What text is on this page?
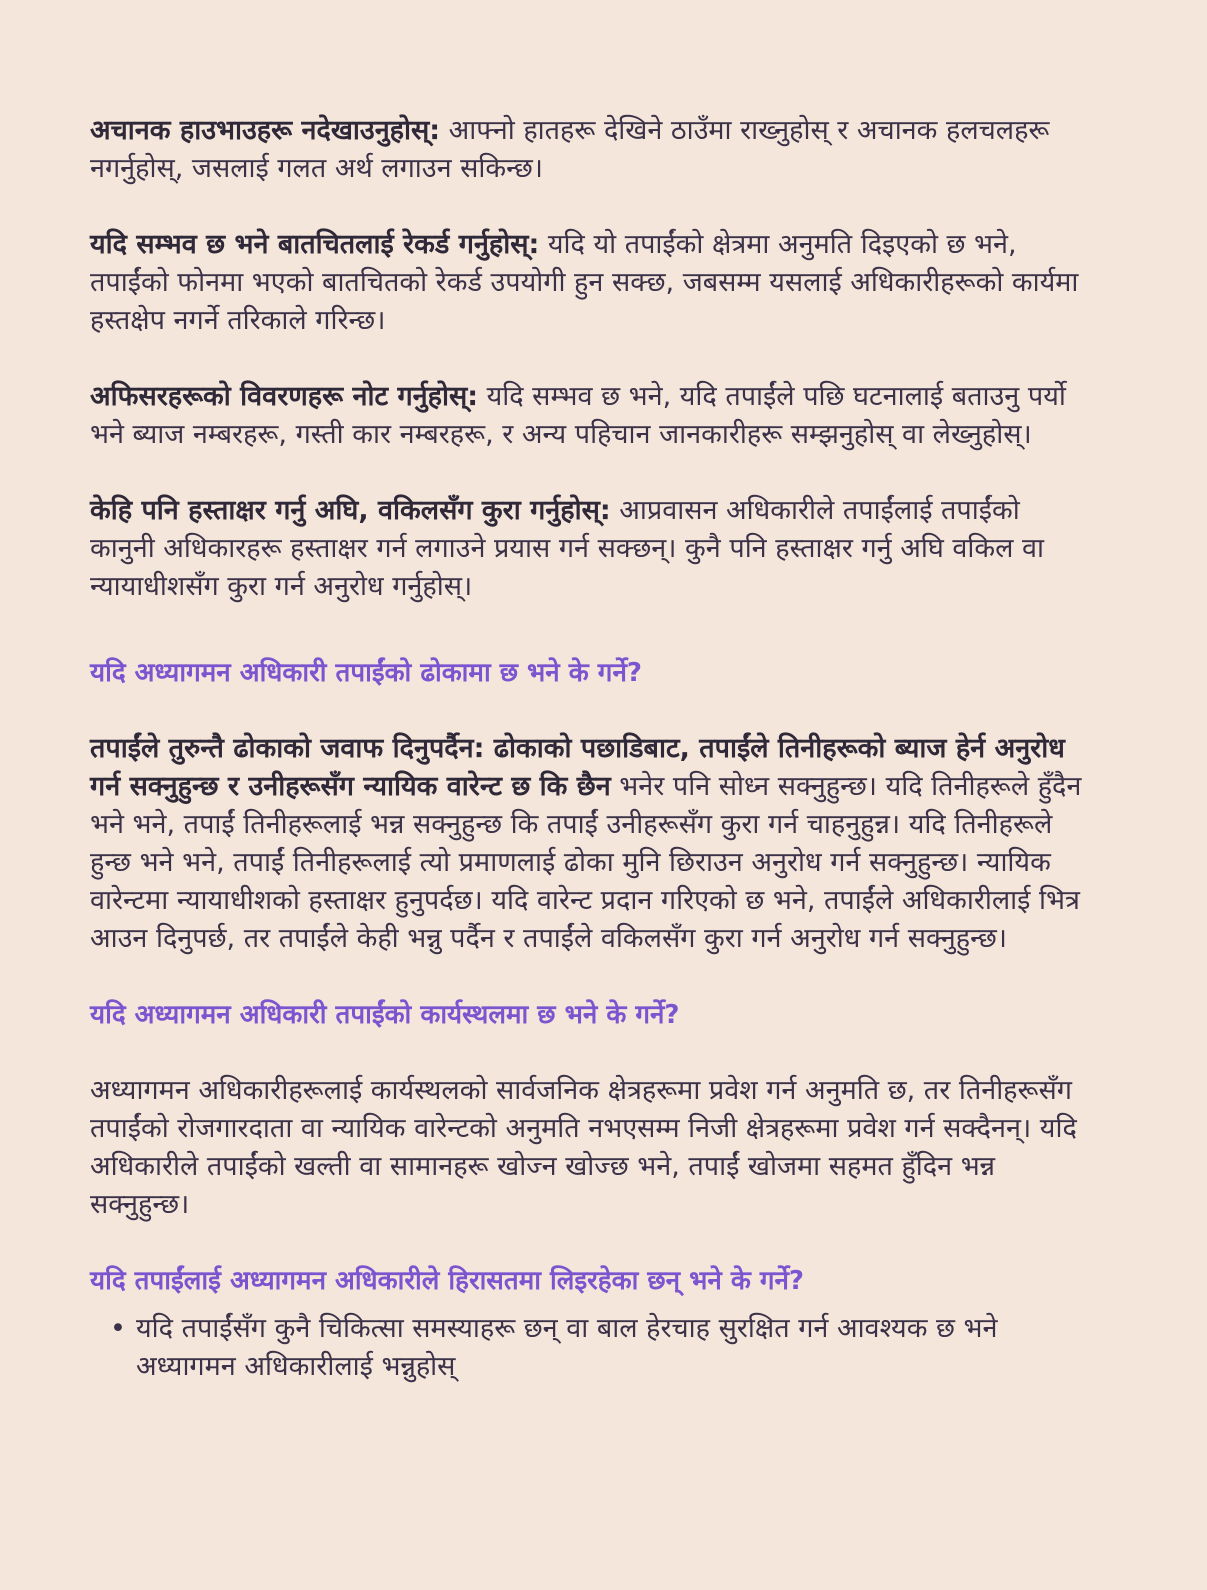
अचानक हाउभाउहरू नदेखाउनुहोस्: आफ्नो हातहरू देखिने ठाउँमा राख्नुहोस् र अचानक हलचलहरू नगर्नुहोस्, जसलाई गलत अर्थ लगाउन सकिन्छ।

यदि सम्भव छ भने बातचितलाई रेकर्ड गर्नुहोस्: यदि यो तपाईंको क्षेत्रमा अनुमति दिइएको छ भने, तपाईंको फोनमा भएको बातचितको रेकर्ड उपयोगी हुन सक्छ, जबसम्म यसलाई अधिकारीहरूको कार्यमा हस्तक्षेप नगर्ने तरिकाले गरिन्छ।

अफिसरहरूको विवरणहरू नोट गर्नुहोस्: यदि सम्भव छ भने, यदि तपाईंले पछि घटनालाई बताउनु पर्यो भने ब्याज नम्बरहरू, गस्ती कार नम्बरहरू, र अन्य पहिचान जानकारीहरू सम्झनुहोस् वा लेख्नुहोस्।

केहि पनि हस्ताक्षर गर्नु अघि, वकिलसँग कुरा गर्नुहोस्: आप्रवासन अधिकारीले तपाईंलाई तपाईंको कानुनी अधिकारहरू हस्ताक्षर गर्न लगाउने प्रयास गर्न सक्छन्। कुनै पनि हस्ताक्षर गर्नु अघि वकिल वा न्यायाधीशसँग कुरा गर्न अनुरोध गर्नुहोस्।

यदि अध्यागमन अधिकारी तपाईंको ढोकामा छ भने के गर्ने?

तपाईंले तुरुन्तै ढोकाको जवाफ दिनुपर्दैन: ढोकाको पछाडिबाट, तपाईंले तिनीहरूको ब्याज हेर्न अनुरोध गर्न सक्नुहुन्छ र उनीहरूसँग न्यायिक वारेन्ट छ कि छैन भनेर पनि सोध्न सक्नुहुन्छ। यदि तिनीहरूले हुँदैन भने भने, तपाईं तिनीहरूलाई भन्न सक्नुहुन्छ कि तपाईं उनीहरूसँग कुरा गर्न चाहनुहुन्न। यदि तिनीहरूले हुन्छ भने भने, तपाईं तिनीहरूलाई त्यो प्रमाणलाई ढोका मुनि छिराउन अनुरोध गर्न सक्नुहुन्छ। न्यायिक वारेन्टमा न्यायाधीशको हस्ताक्षर हुनुपर्दछ। यदि वारेन्ट प्रदान गरिएको छ भने, तपाईंले अधिकारीलाई भित्र आउन दिनुपर्छ, तर तपाईंले केही भन्नु पर्दैन र तपाईंले वकिलसँग कुरा गर्न अनुरोध गर्न सक्नुहुन्छ।

यदि अध्यागमन अधिकारी तपाईंको कार्यस्थलमा छ भने के गर्ने?

अध्यागमन अधिकारीहरूलाई कार्यस्थलको सार्वजनिक क्षेत्रहरूमा प्रवेश गर्न अनुमति छ, तर तिनीहरूसँग तपाईंको रोजगारदाता वा न्यायिक वारेन्टको अनुमति नभएसम्म निजी क्षेत्रहरूमा प्रवेश गर्न सक्दैनन्। यदि अधिकारीले तपाईंको खल्ती वा सामानहरू खोज्न खोज्छ भने, तपाईं खोजमा सहमत हुँदिन भन्न सक्नुहुन्छ।

यदि तपाईंलाई अध्यागमन अधिकारीले हिरासतमा लिइरहेका छन् भने के गर्ने?
• यदि तपाईंसँग कुनै चिकित्सा समस्याहरू छन् वा बाल हेरचाह सुरक्षित गर्न आवश्यक छ भने अध्यागमन अधिकारीलाई भन्नुहोस्
